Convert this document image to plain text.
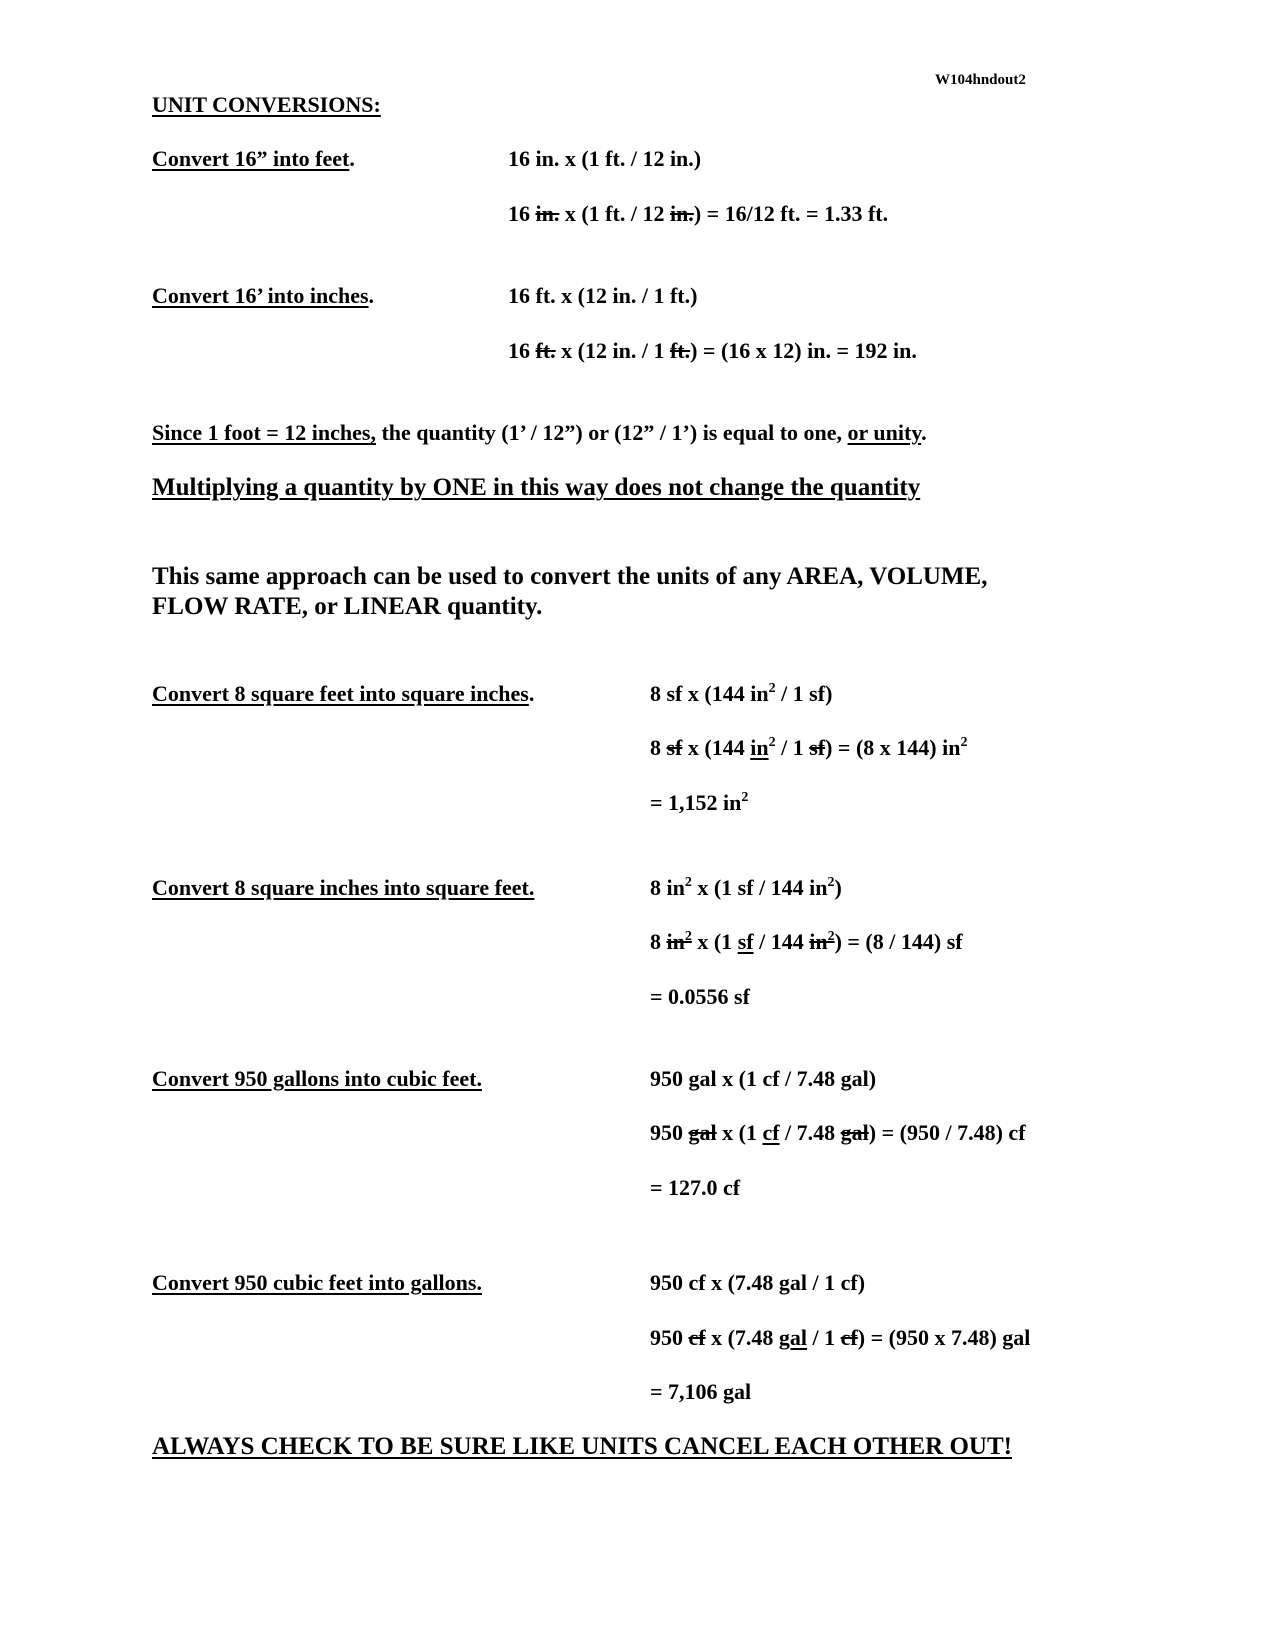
W104hndout2
UNIT CONVERSIONS:
Convert 16” into feet.	16 in. x (1 ft. / 12 in.)
16 in. x (1 ft. / 12 in.) = 16/12 ft. = 1.33 ft.
Convert 16’ into inches.	16 ft. x (12 in. / 1 ft.)
16 ft. x (12 in. / 1 ft.) = (16 x 12) in. = 192 in.
Since 1 foot = 12 inches, the quantity (1’ / 12”) or (12” / 1’) is equal to one, or unity.
Multiplying a quantity by ONE in this way does not change the quantity
This same approach can be used to convert the units of any AREA, VOLUME,
FLOW RATE, or LINEAR quantity.
Convert 8 square feet into square inches.	8 sf x (144 $in^2 / 1$ sf)
8 sf x (144 $in^2 / 1$ sf) = (8 x 144) $in^2$
= 1,152 $in^2$
Convert 8 square inches into square feet.	8 $in^2$ x (1 sf / 144 $in^2$)
8 $in^2$ x (1 sf / 144 $in^2) = (8 / 144)$ sf
= 0.0556 sf
Convert 950 gallons into cubic feet.	950 gal x (1 cf / 7.48 gal)
950 gal x (1 cf / 7.48 gal) = (950 / 7.48) cf
= 127.0 cf
Convert 950 cubic feet into gallons.	950 cf x (7.48 gal / 1 cf)
950 cf x (7.48 gal / 1 cf) = (950 x 7.48) gal
= 7,106 gal
ALWAYS CHECK TO BE SURE LIKE UNITS CANCEL EACH OTHER OUT!
